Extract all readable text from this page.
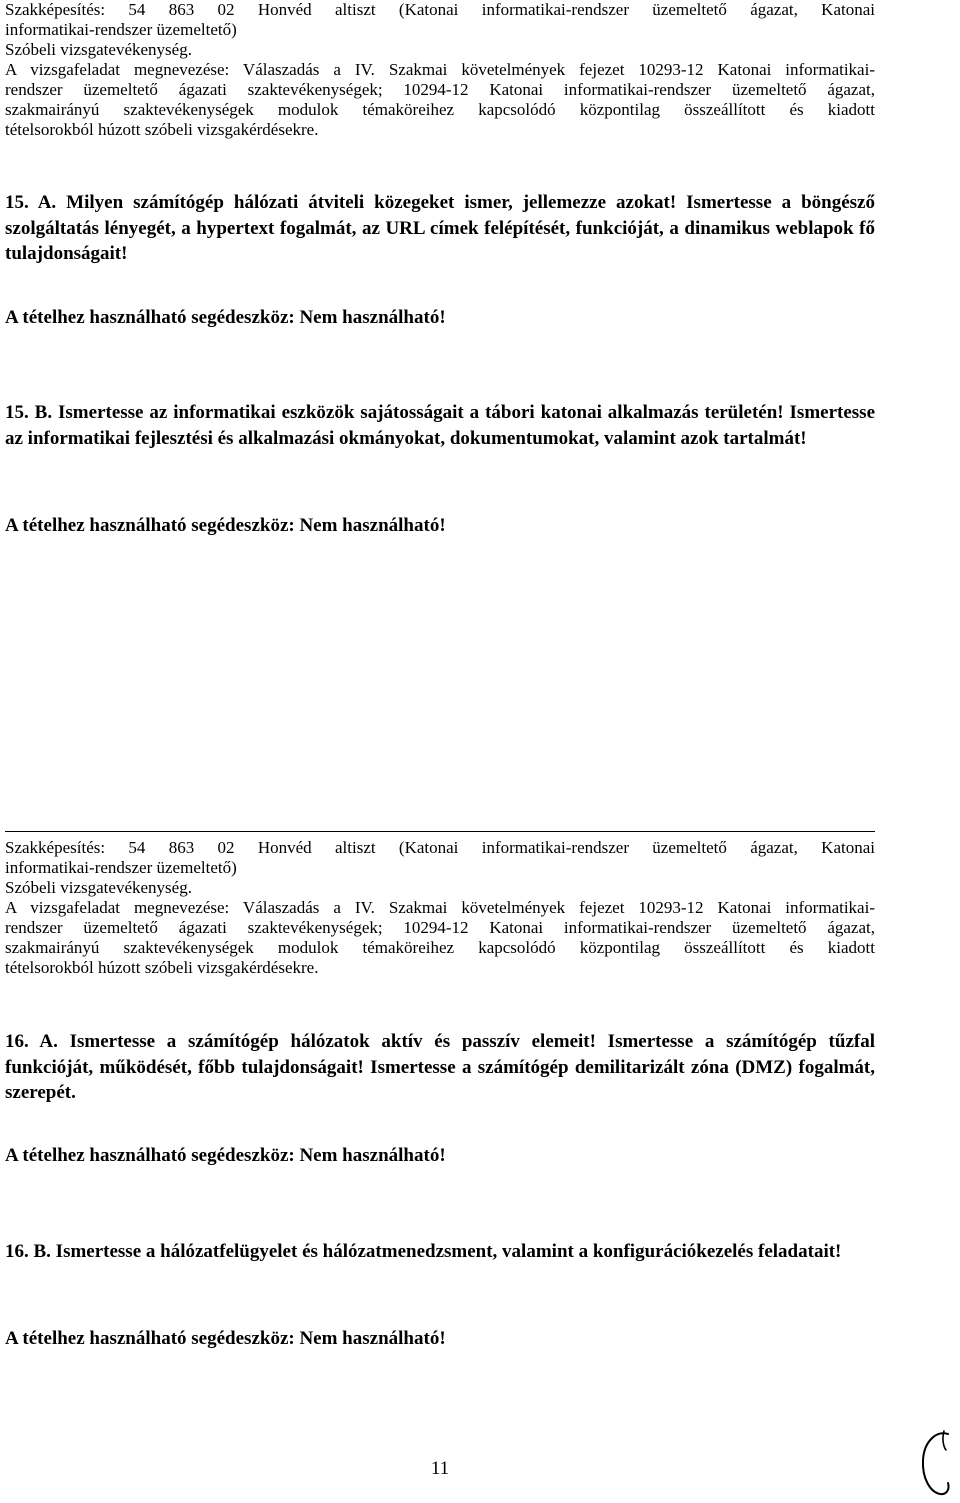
Szakképesítés: 54 863 02 Honvéd altiszt (Katonai informatikai-rendszer üzemeltető ágazat, Katonai

informatikai-rendszer üzemeltető)

Szóbeli vizsgatevékenység.

A vizsgafeladat megnevezése: Válaszadás a IV. Szakmai követelmények fejezet 10293-12 Katonai informatikai-

rendszer üzemeltető ágazati szaktevékenységek; 10294-12 Katonai informatikai-rendszer üzemeltető ágazat,

szakmairányú szaktevékenységek modulok témaköreihez kapcsolódó központilag összeállított és kiadott

tételsorokból húzott szóbeli vizsgakérdésekre.

15. A. Milyen számítógép hálózati átviteli közegeket ismer, jellemezze azokat! Ismertesse a böngésző szolgáltatás lényegét, a hypertext fogalmát, az URL címek felépítését, funkcióját, a dinamikus weblapok fő tulajdonságait!

A tételhez használható segédeszköz: Nem használható!

15. B. Ismertesse az informatikai eszközök sajátosságait a tábori katonai alkalmazás területén! Ismertesse az informatikai fejlesztési és alkalmazási okmányokat, dokumentumokat, valamint azok tartalmát!

A tételhez használható segédeszköz: Nem használható!

Szakképesítés: 54 863 02 Honvéd altiszt (Katonai informatikai-rendszer üzemeltető ágazat, Katonai

informatikai-rendszer üzemeltető)

Szóbeli vizsgatevékenység.

A vizsgafeladat megnevezése: Válaszadás a IV. Szakmai követelmények fejezet 10293-12 Katonai informatikai-

rendszer üzemeltető ágazati szaktevékenységek; 10294-12 Katonai informatikai-rendszer üzemeltető ágazat,

szakmairányú szaktevékenységek modulok témaköreihez kapcsolódó központilag összeállított és kiadott

tételsorokból húzott szóbeli vizsgakérdésekre.

16. A. Ismertesse a számítógép hálózatok aktív és passzív elemeit! Ismertesse a számítógép tűzfal funkcióját, működését, főbb tulajdonságait! Ismertesse a számítógép demilitarizált zóna (DMZ) fogalmát, szerepét.

A tételhez használható segédeszköz: Nem használható!

16. B. Ismertesse a hálózatfelügyelet és hálózatmenedzsment, valamint a konfigurációkezelés feladatait!

A tételhez használható segédeszköz: Nem használható!

11
